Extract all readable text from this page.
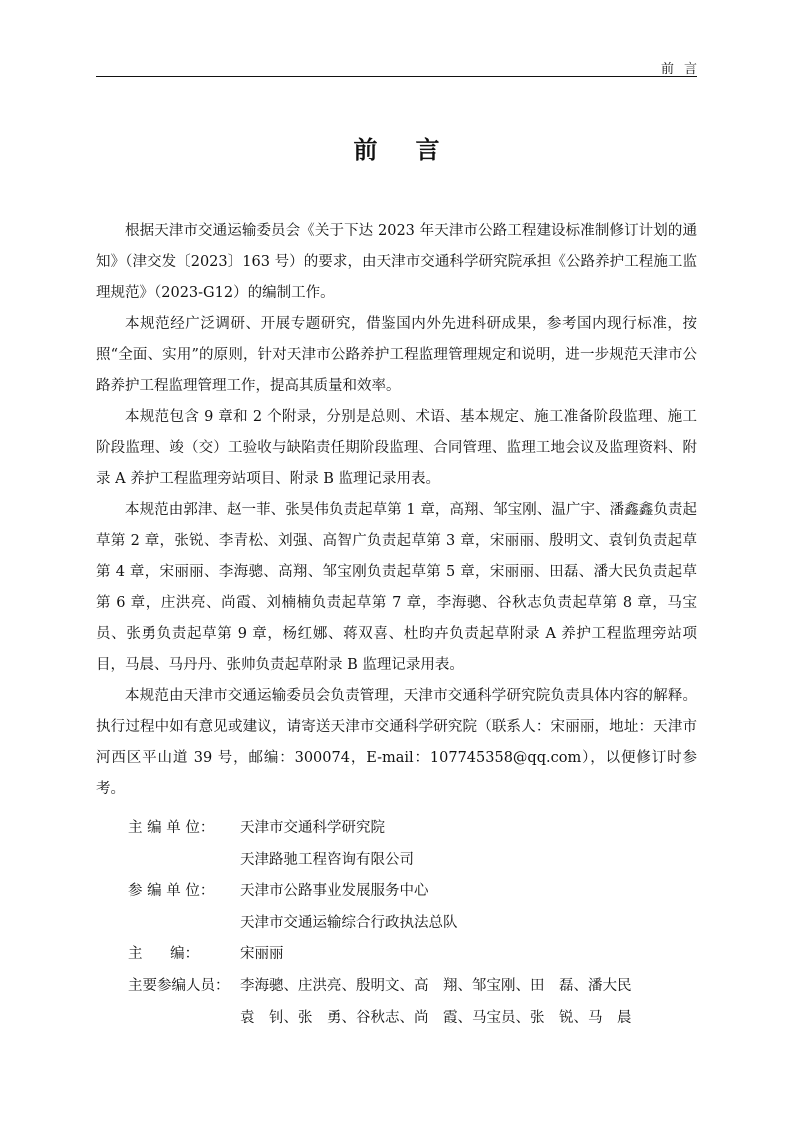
前言
前言

根据天津市交通运输委员会《关于下达 2023 年天津市公路工程建设标准制修订计划的通知》（津交发〔2023〕163 号）的要求，由天津市交通科学研究院承担《公路养护工程施工监理规范》（2023-G12）的编制工作。

本规范经广泛调研、开展专题研究，借鉴国内外先进科研成果，参考国内现行标准，按照“全面、实用”的原则，针对天津市公路养护工程监理管理规定和说明，进一步规范天津市公路养护工程监理管理工作，提高其质量和效率。

本规范包含 9 章和 2 个附录，分别是总则、术语、基本规定、施工准备阶段监理、施工阶段监理、竣（交）工验收与缺陷责任期阶段监理、合同管理、监理工地会议及监理资料、附录 A 养护工程监理旁站项目、附录 B 监理记录用表。

本规范由郭津、赵一菲、张昊伟负责起草第 1 章，高翔、邹宝刚、温广宇、潘鑫鑫负责起草第 2 章，张锐、李青松、刘强、高智广负责起草第 3 章，宋丽丽、殷明文、袁钊负责起草第 4 章，宋丽丽、李海骢、高翔、邹宝刚负责起草第 5 章，宋丽丽、田磊、潘大民负责起草第 6 章，庄洪亮、尚霞、刘楠楠负责起草第 7 章，李海骢、谷秋志负责起草第 8 章，马宝员、张勇负责起草第 9 章，杨红娜、蒋双喜、杜昀卉负责起草附录 A 养护工程监理旁站项目，马晨、马丹丹、张帅负责起草附录 B 监理记录用表。

本规范由天津市交通运输委员会负责管理，天津市交通科学研究院负责具体内容的解释。执行过程中如有意见或建议，请寄送天津市交通科学研究院（联系人：宋丽丽，地址：天津市河西区平山道 39 号，邮编：300074，E-mail：107745358@qq.com），以便修订时参考。

主 编 单 位：	天津市交通科学研究院
天津路驰工程咨询有限公司
参 编 单 位：	天津市公路事业发展服务中心
天津市交通运输综合行政执法总队
主      编：	宋丽丽
主要参编人员： 李海骢、庄洪亮、殷明文、高　翔、邹宝刚、田　磊、潘大民
袁　钊、张　勇、谷秋志、尚　霞、马宝员、张　锐、马　晨
